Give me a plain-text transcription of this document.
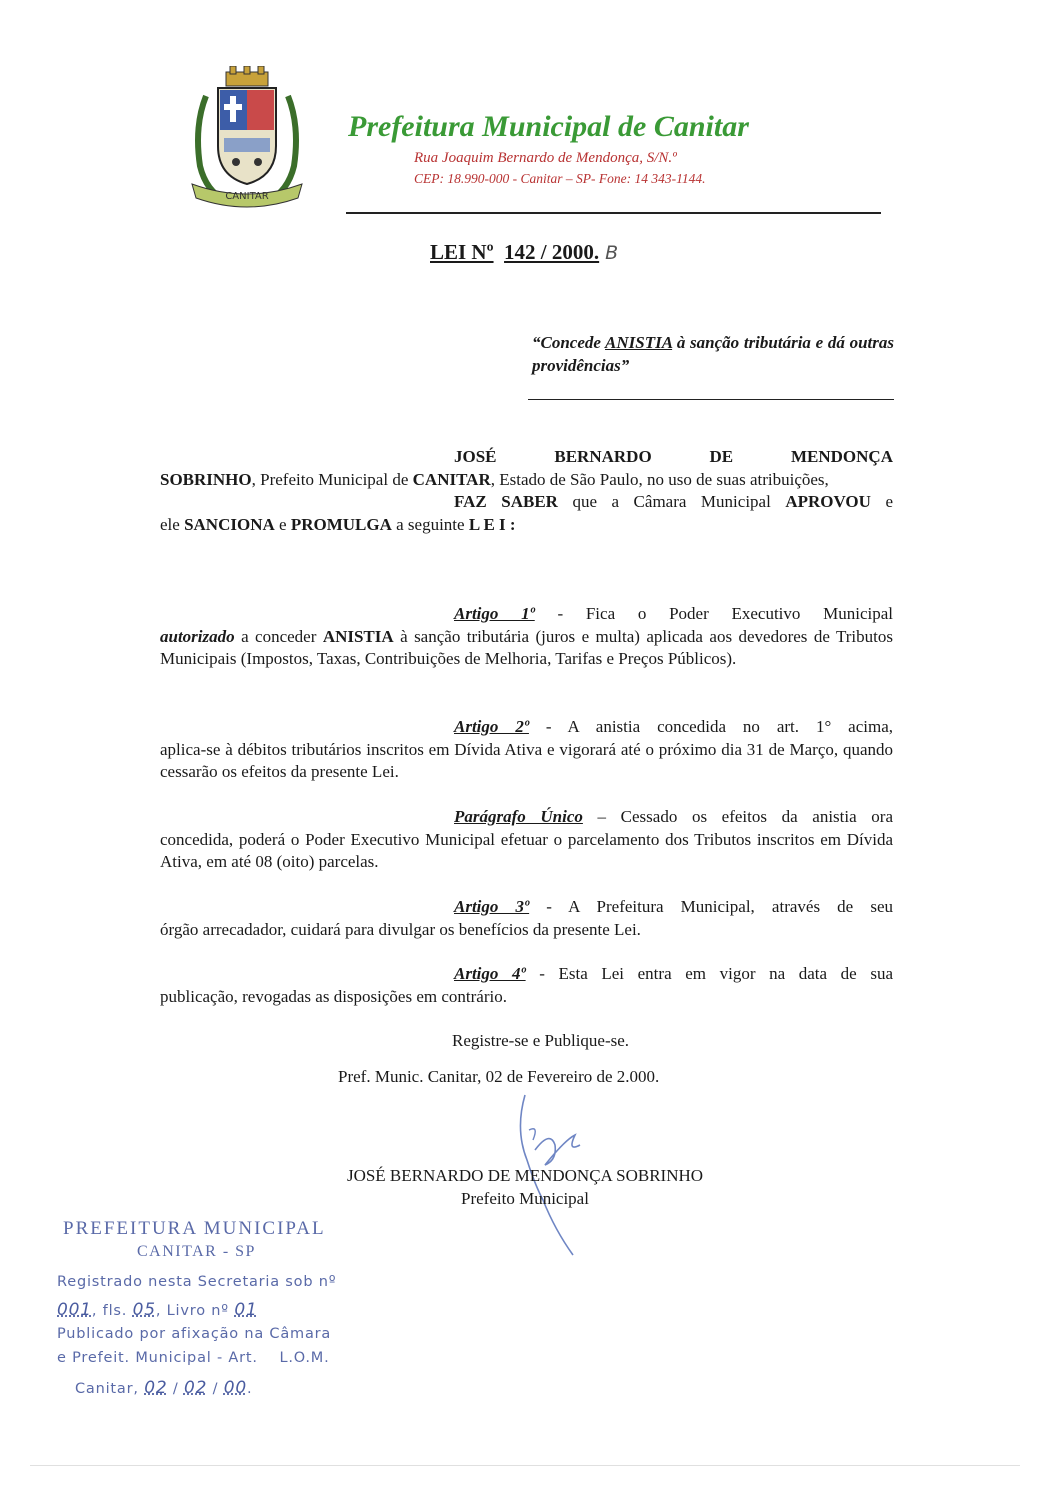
CANITAR
Prefeitura Municipal de Canitar
Rua Joaquim Bernardo de Mendonça, S/N.º
CEP: 18.990-000 - Canitar – SP- Fone: 14 343-1144.
LEI Nº 142 / 2000. B
“Concede ANISTIA à sanção tributária e dá outras providências”
JOSÉ BERNARDO DE MENDONÇA
SOBRINHO, Prefeito Municipal de CANITAR, Estado de São Paulo, no uso de suas atribuições,
FAZ SABER que a Câmara Municipal APROVOU e
ele SANCIONA e PROMULGA a seguinte L E I :
Artigo 1º - Fica o Poder Executivo Municipal
autorizado a conceder ANISTIA à sanção tributária (juros e multa) aplicada aos devedores de Tributos Municipais (Impostos, Taxas, Contribuições de Melhoria, Tarifas e Preços Públicos).
Artigo 2º - A anistia concedida no art. 1° acima,
aplica-se à débitos tributários inscritos em Dívida Ativa e vigorará até o próximo dia 31 de Março, quando cessarão os efeitos da presente Lei.
Parágrafo Único – Cessado os efeitos da anistia ora
concedida, poderá o Poder Executivo Municipal efetuar o parcelamento dos Tributos inscritos em Dívida Ativa, em até 08 (oito) parcelas.
Artigo 3º - A Prefeitura Municipal, através de seu
órgão arrecadador, cuidará para divulgar os benefícios da presente Lei.
Artigo 4º - Esta Lei entra em vigor na data de sua
publicação, revogadas as disposições em contrário.
Registre-se e Publique-se.
Pref. Munic. Canitar, 02 de Fevereiro de 2.000.
JOSÉ BERNARDO DE MENDONÇA SOBRINHO
Prefeito Municipal
PREFEITURA MUNICIPAL
CANITAR - SP
Registrado nesta Secretaria sob nº
001, fls. 05, Livro nº 01
Publicado por afixação na Câmara
e Prefeit. Municipal - Art. L.O.M.
Canitar, 02 / 02 / 00.
